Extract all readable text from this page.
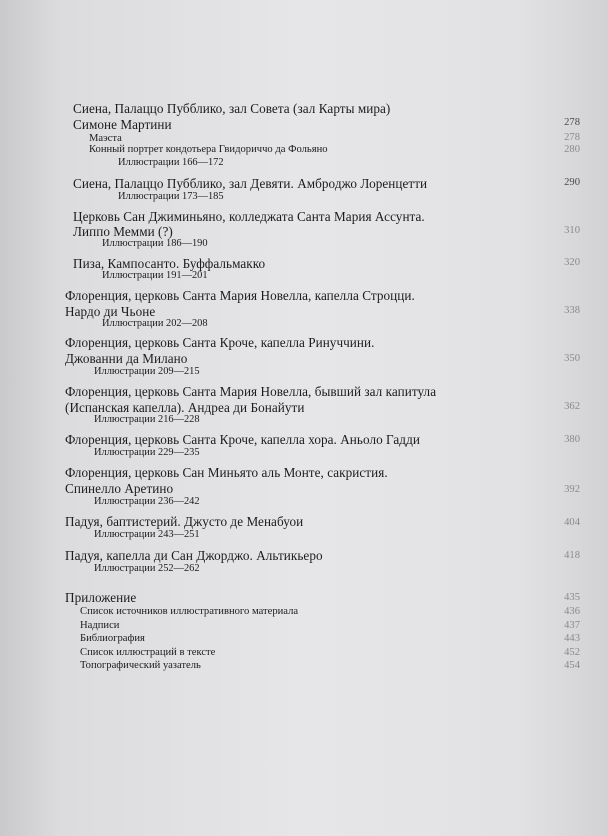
Сиена, Палаццо Пубблико, зал Совета (зал Карты мира)
Симоне Мартини	278
Маэста	278
Конный портрет кондотьера Гвидориччо да Фольяно	280
Иллюстрации 166—172
Сиена, Палаццо Пубблико, зал Девяти. Амброджо Лоренцетти	290
Иллюстрации 173—185
Церковь Сан Джиминьяно, колледжата Санта Мария Ассунта.
Липпо Мемми (?)	310
Иллюстрации 186—190
Пиза, Кампосанто. Буффальмакко	320
Иллюстрации 191—201
Флоренция, церковь Санта Мария Новелла, капелла Строцци.
Нардо ди Чьоне	338
Иллюстрации 202—208
Флоренция, церковь Санта Кроче, капелла Ринуччини.
Джованни да Милано	350
Иллюстрации 209—215
Флоренция, церковь Санта Мария Новелла, бывший зал капитула
(Испанская капелла). Андреа ди Бонайути	362
Иллюстрации 216—228
Флоренция, церковь Санта Кроче, капелла хора. Аньоло Гадди	380
Иллюстрации 229—235
Флоренция, церковь Сан Миньято аль Монте, сакристия.
Спинелло Аретино	392
Иллюстрации 236—242
Падуя, баптистерий. Джусто де Менабуои	404
Иллюстрации 243—251
Падуя, капелла ди Сан Джорджо. Альтикьеро	418
Иллюстрации 252—262
Приложение	435
Список источников иллюстративного материала	436
Надписи	437
Библиография	443
Список иллюстраций в тексте	452
Топографический уазатель	454
